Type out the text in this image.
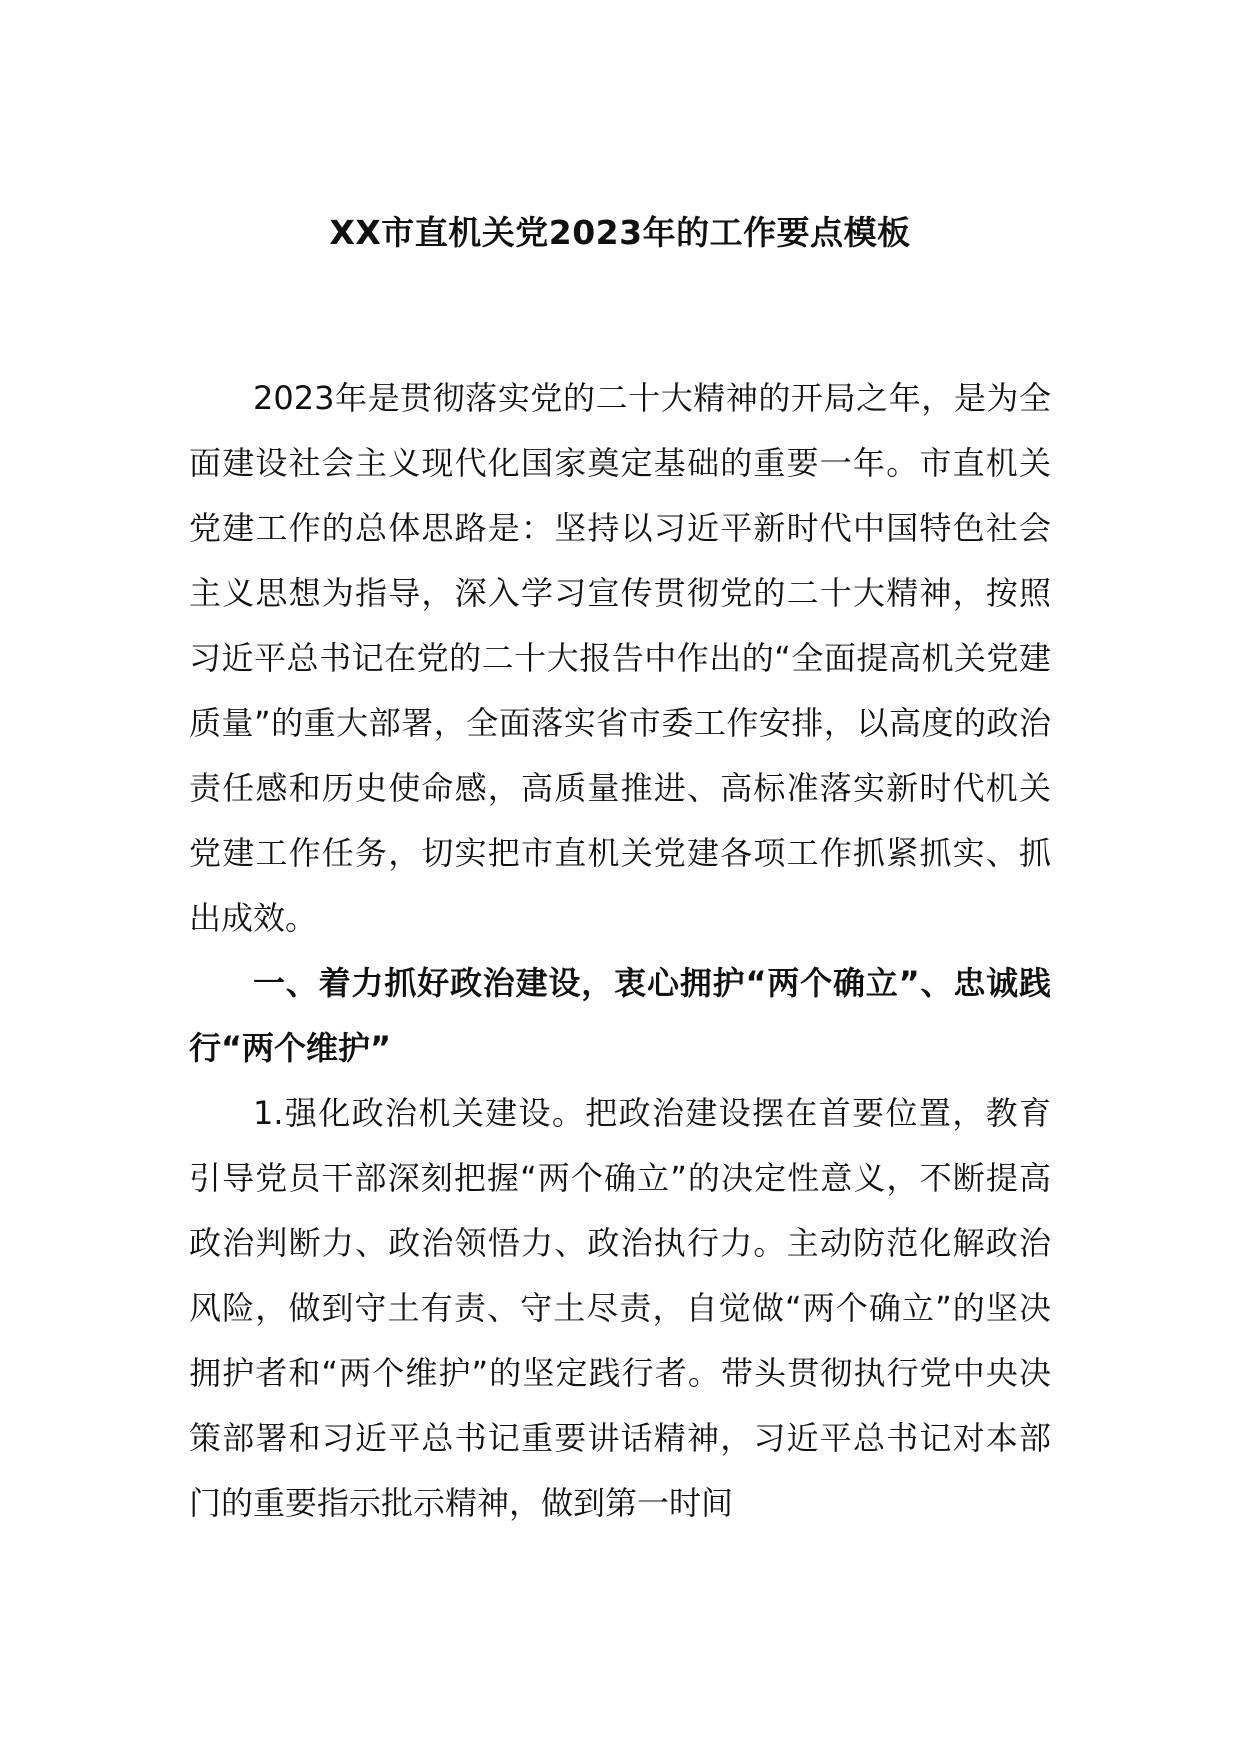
XX市直机关党2023年的工作要点模板

2023年是贯彻落实党的二十大精神的开局之年，是为全面建设社会主义现代化国家奠定基础的重要一年。市直机关党建工作的总体思路是：坚持以习近平新时代中国特色社会主义思想为指导，深入学习宣传贯彻党的二十大精神，按照习近平总书记在党的二十大报告中作出的“全面提高机关党建质量”的重大部署，全面落实省市委工作安排，以高度的政治责任感和历史使命感，高质量推进、高标准落实新时代机关党建工作任务，切实把市直机关党建各项工作抓紧抓实、抓出成效。

一、着力抓好政治建设，衷心拥护“两个确立”、忠诚践行“两个维护”

1.强化政治机关建设。把政治建设摆在首要位置，教育引导党员干部深刻把握“两个确立”的决定性意义，不断提高政治判断力、政治领悟力、政治执行力。主动防范化解政治风险，做到守土有责、守土尽责，自觉做“两个确立”的坚决拥护者和“两个维护”的坚定践行者。带头贯彻执行党中央决策部署和习近平总书记重要讲话精神，习近平总书记对本部门的重要指示批示精神，做到第一时间
